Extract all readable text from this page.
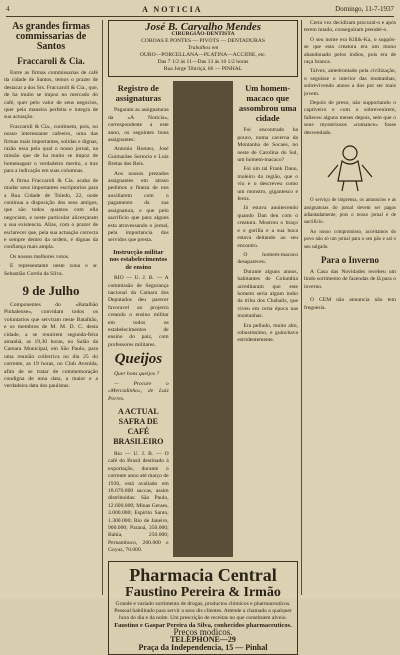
4	A NOTICIA	Domingo, 11-7-1937
As grandes firmas commissarias de Santos
Fraccaroli & Cia.

Entre as firmas commissarias de café da cidade de Santos, temos o prazer de destacar a dos Srs. Fraccaroli & Cia., que, de ha muito se impoz no mercado do café, quer pelo valor de seus negocios, quer pela maneira perfeita e integra de sua actuação.

Fraccaroli & Cia., contituem, pois, no nosso interessante cafeeiro, uma das firmas mais importantes, solidas e dignas, razão essa pela qual o nosso jornal, na missão que de ha muito se impoz de homenagear o verdadeiro merito, a traz para a indicação em suas columnas.

A firma Fraccaroli & Cia. acaba de mudar seus importantes escriptorios para a Rua Cidade de Toledo, 22, onde continua a disposição dos seus amigos, que são todos quantos com ella negociam, e neste particular alicerçaram a sua existencia. Alias, com o prazer de esclarecer que, pela sua actuação correcta e sempre dentro da ordem, é dignas da confiança mais ampla.

Os nossos melhores votos.

E representante neste zona o sr. Sebastião Corrêa da Silva.

9 de Julho

Componentes do «Batalhão Pinhalense», convidam todos os voluntarios que serviram neste Batalhão, e os membros de M. M. D. C. desta cidade, a se reunirem segunda-feira amanhã, as 19,30 horas, no Salão da Camara Municipal, em São Paulo, para uma reunião collectiva no dia 25 do corrente, as 19 horas, no Club Avenida, afim de se tratar de commemoração condigna de uma data, a maior e a verdadeira data dos paulistas.

José B. Carvalho Mendes
CIRURGIÃO-DENTISTA
COROAS E PONTES — PIVOTS — DENTADURAS
Trabalhos em
OURO—PORCELLANA—PLATINA—ACCIDIE, etc.
Das 7 1/2 ás 11—Das 13 ás 16 1/2 horas
Rua Jorge Tibiriçá, 66 — PINHAL
Registro de assignaturas

Pagaram as assignaturas da «A Noticia», correspondente a este anno, os seguintes bons assignantes:

Antonio Romeu, José Guimarães Sertorio e Luiz Bretas dos Reis.

Aos nossos prezados assignantes em atraso pedimos a fineza de nos auxiliarem com o pagamento da sua assignatura, e que pelo sacrificio que para alguns esta atravessando o jornal, pela importancia dos servidos que presta.

Instrucção militar nos estabelecimentos de ensino

RIO — U. J. B. — A commissão de Segurança nacional da Camara dos Deputados deu parecer favoravel ao projecto creando o ensino militar em todos os estabelecimentos de ensino do paiz, com professores militares.

Queijos

Quer bons queijos ?

— Procure o «Mercadinho», de Luiz Porres.

A ACTUAL SAFRA DE CAFÉ BRASILEIRO

Rio — U. J. B. — O café do Brasil destinado á exportação, durante o corrente anno até março de 1936, está avaliado em 18.670.000 saccas, assim distribuidas: São Paulo, 12.600.000; Minas Geraes, 3.000.000; Espirito Santo, 1.300.000; Rio de Janeiro, 900.000; Paraná, 350.000; Bahia, 250.000; Pernambuco, 200.000 e Goyaz, 70.000.

Um homem-macaco que assombrou uma cidade

Foi encontrado ha pouco, numa caverna da Montanha de Socaes, no oeste de Carolina do Sul, um homem-macaco?

Foi um tal Frank Dano, moleiro da região, que o viu e o descreveu como um monstro, gigantesco e feroz.

Já estava anoitecendo quando Dan deu com o creatura. Mostrou o braço e o gorilla e a sua boca estava deitando ao seu encontro.

O homem-macaco desapareceu.

Durante alguns annos, habitantes de Columbia acreditaram que este homem seria algum índio da tribu dos Chahalis, que viveu em certa época nas montanhas.

Era pelludo, muito alto, robustissimo, e guinchava estridentemente.

Pharmacia Central
Faustino Pereira & Irmão
Grande e variado sortimento de drogas, productos chimicos e pharmaceuticos. Pessoal habilitado para servir a seus dis clientes. Attende a chamado a qualquer hora do dia e da noite. Um prescrição de receitas no que constituem alveio.
Faustino e Gaspar Pereira da Silva, conhecidos pharmaceuticos.
Preços modicos.
TELEPHONE—29
Praça da Independencia, 15 — Pinhal

Certa vez decidiram procural-o e após terem lutado, conseguiram prendel-o.

O seu nome era Killik-Ka, o suppôs-se que esta creatura era um mono abandonado pelos indios, pois era de raça branca.

Talvez, amedrontado pela civilização, o seguisse o interior das montanhas, sobrevivendo annos a dos por ser mais jovem.

Depois de preso, não supportando o captiveiro e com o sobrevenirem, falleceu alguns meses depois, sem que o seus mysteriosos «romance» fosse desvendado.

O serviço de imprensa, os annuncios e as assignaturas do jornal devem ser pagos adiantadamente, pois o nosso jornal é de sacrificio.

Ao nosso compromisso, acceitamos do povo não só um jornal para o seu pão e sal o seu salgado.

Para o Inverno

A Casa das Novidades recebeu um lindo sortimento de fazendas de lã para o inverno.

O CEM não annuncia não tem freguesia.
